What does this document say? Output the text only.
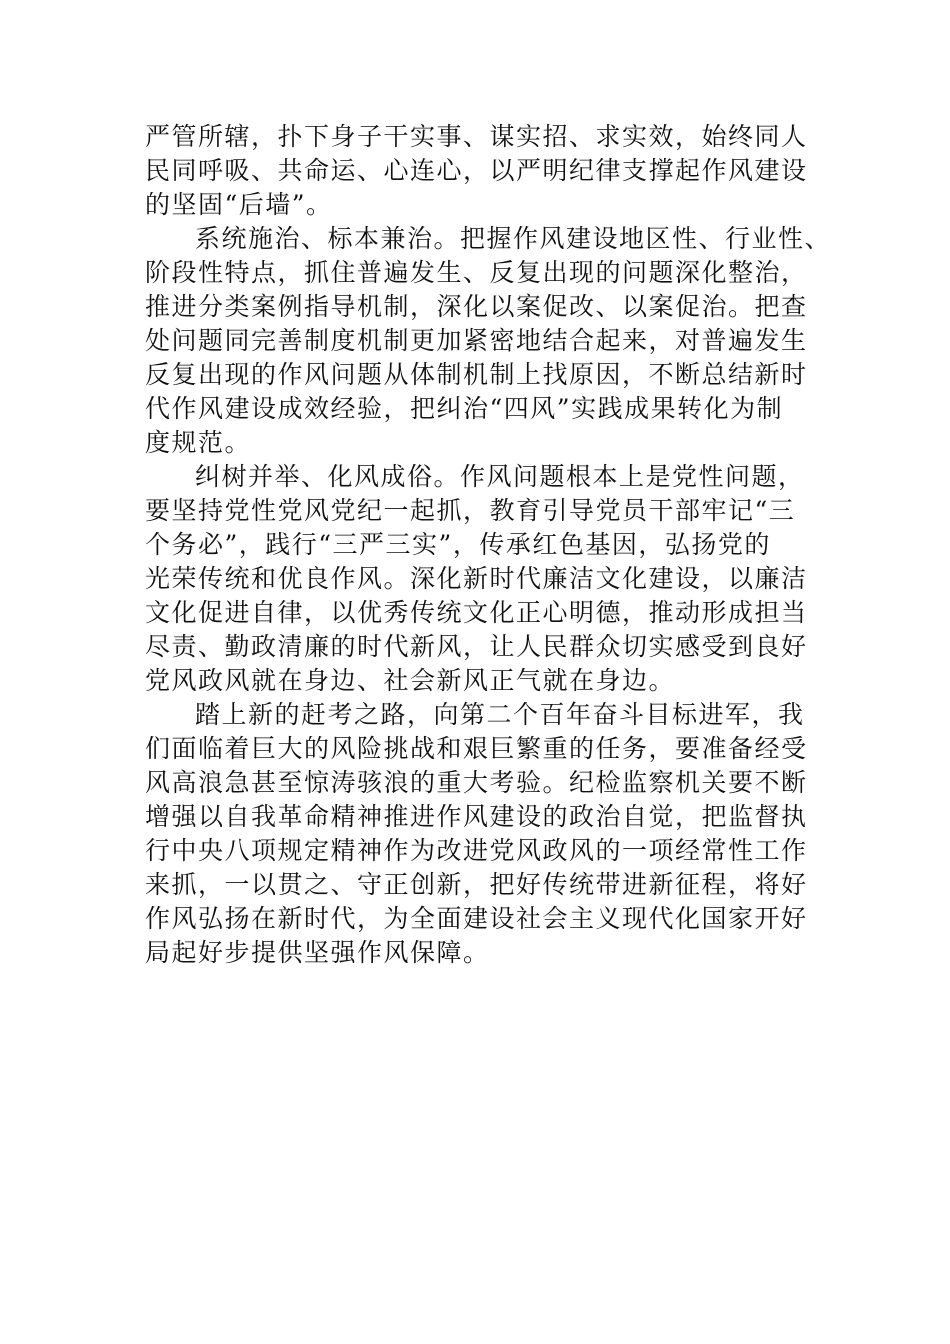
严管所辖，扑下身子干实事、谋实招、求实效，始终同人
民同呼吸、共命运、心连心，以严明纪律支撑起作风建设
的坚固“后墙”。
系统施治、标本兼治。把握作风建设地区性、行业性、
阶段性特点，抓住普遍发生、反复出现的问题深化整治，
推进分类案例指导机制，深化以案促改、以案促治。把查
处问题同完善制度机制更加紧密地结合起来，对普遍发生
反复出现的作风问题从体制机制上找原因，不断总结新时
代作风建设成效经验，把纠治“四风”实践成果转化为制
度规范。
纠树并举、化风成俗。作风问题根本上是党性问题，
要坚持党性党风党纪一起抓，教育引导党员干部牢记“三
个务必”，践行“三严三实”，传承红色基因，弘扬党的
光荣传统和优良作风。深化新时代廉洁文化建设，以廉洁
文化促进自律，以优秀传统文化正心明德，推动形成担当
尽责、勤政清廉的时代新风，让人民群众切实感受到良好
党风政风就在身边、社会新风正气就在身边。
踏上新的赶考之路，向第二个百年奋斗目标进军，我
们面临着巨大的风险挑战和艰巨繁重的任务，要准备经受
风高浪急甚至惊涛骇浪的重大考验。纪检监察机关要不断
增强以自我革命精神推进作风建设的政治自觉，把监督执
行中央八项规定精神作为改进党风政风的一项经常性工作
来抓，一以贯之、守正创新，把好传统带进新征程，将好
作风弘扬在新时代，为全面建设社会主义现代化国家开好
局起好步提供坚强作风保障。
